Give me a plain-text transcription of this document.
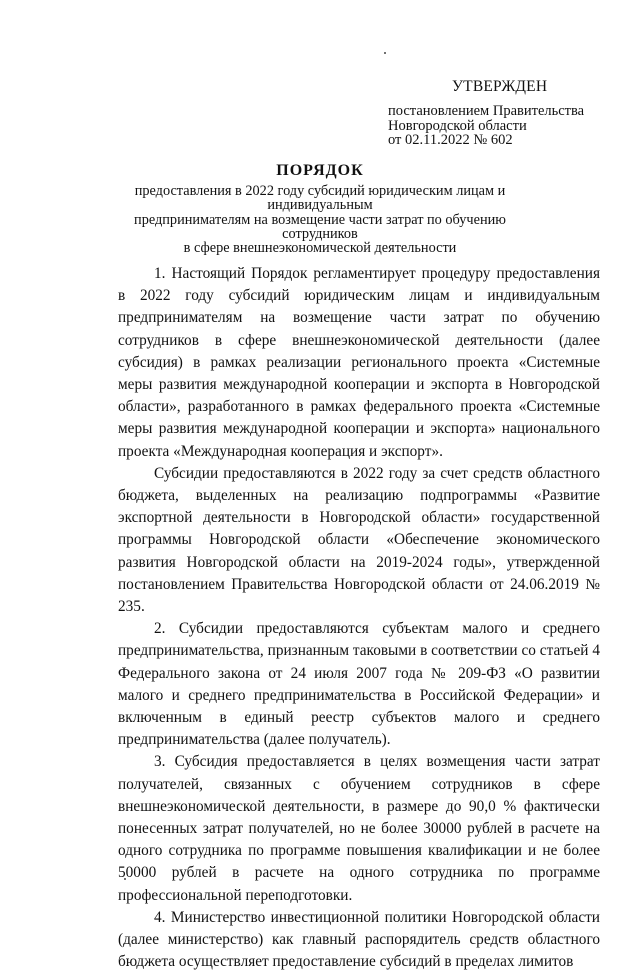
УТВЕРЖДЕН
постановлением Правительства
Новгородской области
от 02.11.2022 № 602
ПОРЯДОК
предоставления в 2022 году субсидий юридическим лицам и индивидуальным
предпринимателям на возмещение части затрат по обучению сотрудников
в сфере внешнеэкономической деятельности

1. Настоящий Порядок регламентирует процедуру предоставления в 2022 году субсидий юридическим лицам и индивидуальным предпринимателям на возмещение части затрат по обучению сотрудников в сфере внешнеэкономической деятельности (далее субсидия) в рамках реализации регионального проекта «Системные меры развития международной кооперации и экспорта в Новгородской области», разработанного в рамках федерального проекта «Системные меры развития международной кооперации и экспорта» национального проекта «Международная кооперация и экспорт».

Субсидии предоставляются в 2022 году за счет средств областного бюджета, выделенных на реализацию подпрограммы «Развитие экспортной деятельности в Новгородской области» государственной программы Новгородской области «Обеспечение экономического развития Новгородской области на 2019-2024 годы», утвержденной постановлением Правительства Новгородской области от 24.06.2019 № 235.

2. Субсидии предоставляются субъектам малого и среднего предпринимательства, признанным таковыми в соответствии со статьей 4 Федерального закона от 24 июля 2007 года № 209-ФЗ «О развитии малого и среднего предпринимательства в Российской Федерации» и включенным в единый реестр субъектов малого и среднего предпринимательства (далее получатель).

3. Субсидия предоставляется в целях возмещения части затрат получателей, связанных с обучением сотрудников в сфере внешнеэкономической деятельности, в размере до 90,0 % фактически понесенных затрат получателей, но не более 30000 рублей в расчете на одного сотрудника по программе повышения квалификации и не более 50000 рублей в расчете на одного сотрудника по программе профессиональной переподготовки.

4. Министерство инвестиционной политики Новгородской области (далее министерство) как главный распорядитель средств областного бюджета осуществляет предоставление субсидий в пределах лимитов
